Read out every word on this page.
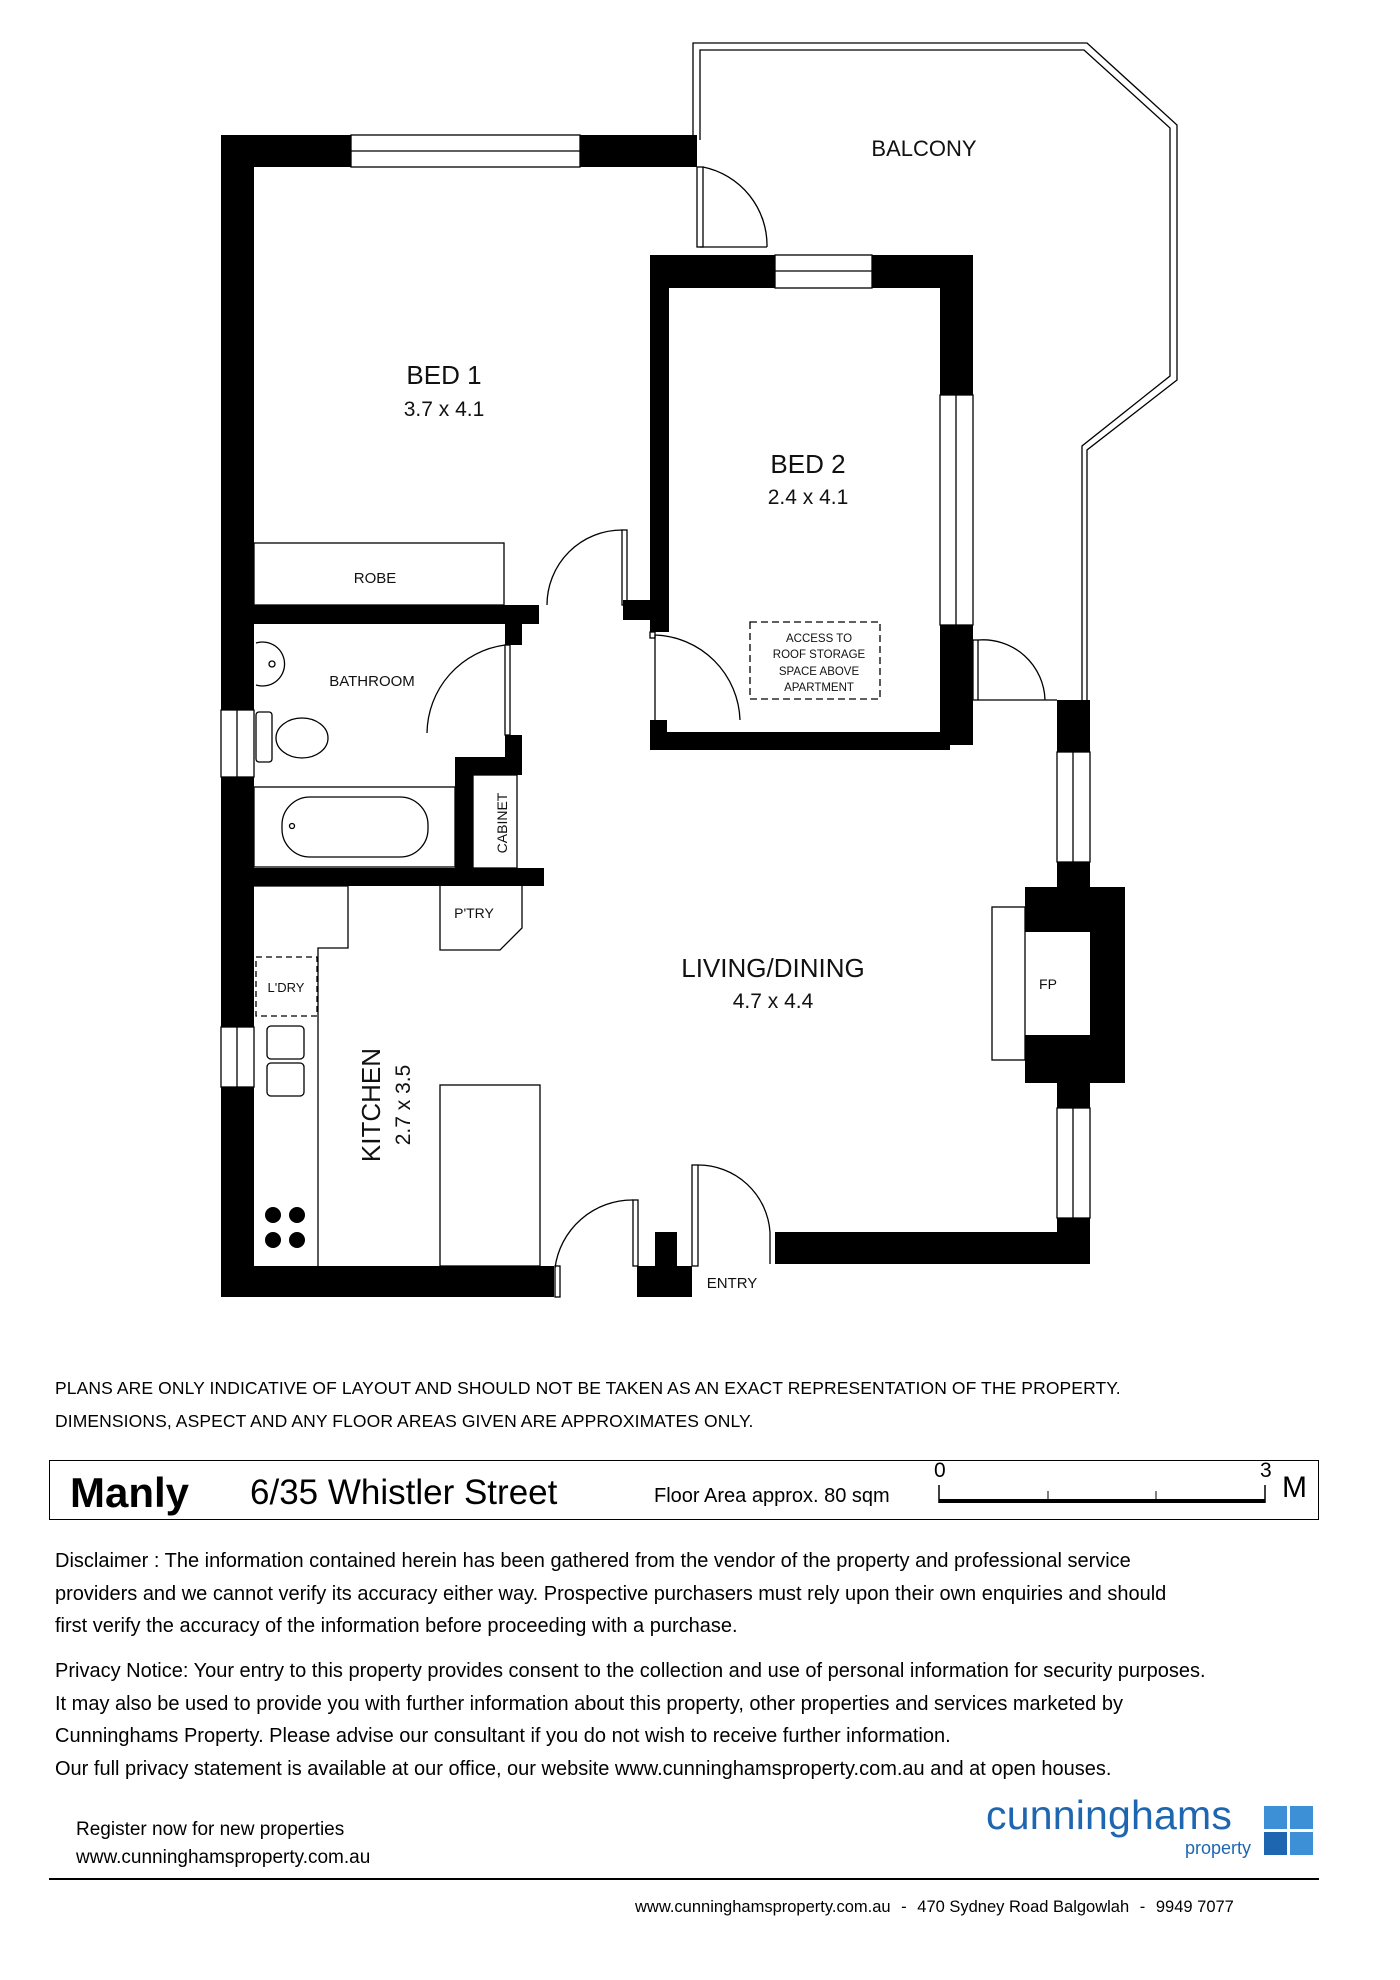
BALCONY
BED 1
3.7 x 4.1
BED 2
2.4 x 4.1
ROBE
BATHROOM
P'TRY
L'DRY
LIVING/DINING
4.7 x 4.4
FP
ENTRY
ACCESS TO
ROOF STORAGE
SPACE ABOVE
APARTMENT
CABINET
KITCHEN 2.7 x 3.5
PLANS ARE ONLY INDICATIVE OF LAYOUT AND SHOULD NOT BE TAKEN AS AN EXACT REPRESENTATION OF THE PROPERTY.
DIMENSIONS, ASPECT AND ANY FLOOR AREAS GIVEN ARE APPROXIMATES ONLY.
Manly 6/35 Whistler Street	Floor Area approx. 80 sqm
0	3
M

Disclaimer : The information contained herein has been gathered from the vendor of the property and professional service

providers and we cannot verify its accuracy either way. Prospective purchasers must rely upon their own enquiries and should

first verify the accuracy of the information before proceeding with a purchase.

Privacy Notice: Your entry to this property provides consent to the collection and use of personal information for security purposes.

It may also be used to provide you with further information about this property, other properties and services marketed by

Cunninghams Property. Please advise our consultant if you do not wish to receive further information.

Our full privacy statement is available at our office, our website www.cunninghamsproperty.com.au and at open houses.

Register now for new properties
www.cunninghamsproperty.com.au
cunninghams
property
www.cunninghamsproperty.com.au - 470 Sydney Road Balgowlah - 9949 7077
